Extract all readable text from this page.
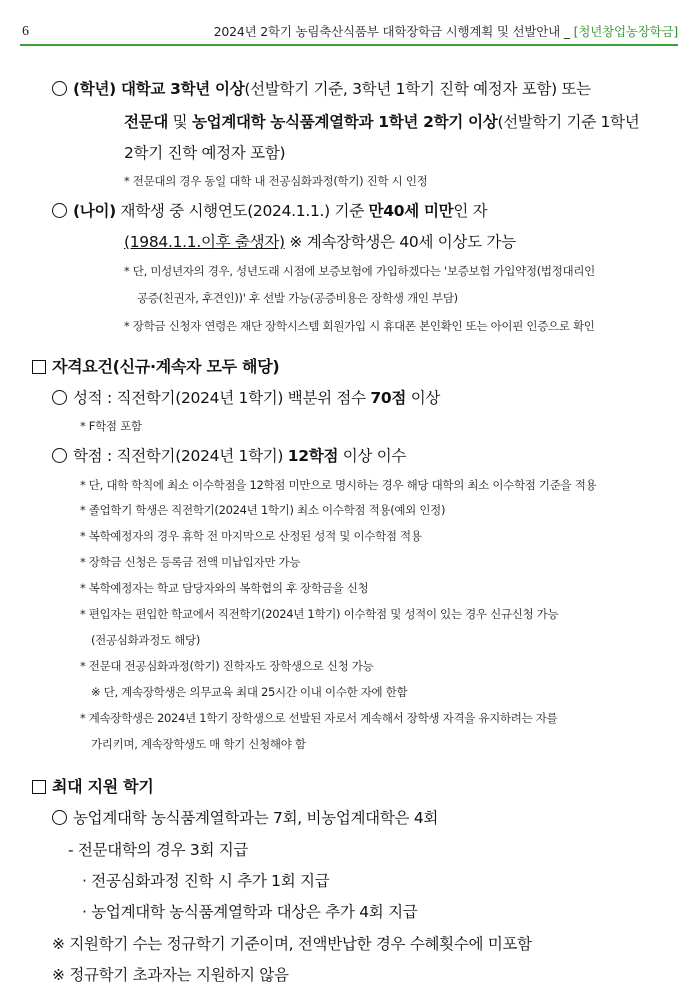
6	2024년 2학기 농림축산식품부 대학장학금 시행계획 및 선발안내 _ [청년창업농장학금]
(학년) 대학교 3학년 이상(선발학기 기준, 3학년 1학기 진학 예정자 포함) 또는
전문대 및 농업계대학 농식품계열학과 1학년 2학기 이상(선발학기 기준 1학년
2학기 진학 예정자 포함)
* 전문대의 경우 동일 대학 내 전공심화과정(학기) 진학 시 인정
(나이) 재학생 중 시행연도(2024.1.1.) 기준 만40세 미만인 자
(1984.1.1.이후 출생자) ※ 계속장학생은 40세 이상도 가능
* 단, 미성년자의 경우, 성년도래 시점에 보증보험에 가입하겠다는 '보증보험 가입약정(법정대리인
공증(친권자, 후견인))' 후 선발 가능(공증비용은 장학생 개인 부담)
* 장학금 신청자 연령은 재단 장학시스템 회원가입 시 휴대폰 본인확인 또는 아이핀 인증으로 확인
자격요건(신규·계속자 모두 해당)
성적 : 직전학기(2024년 1학기) 백분위 점수 70점 이상
* F학점 포함
학점 : 직전학기(2024년 1학기) 12학점 이상 이수
* 단, 대학 학칙에 최소 이수학점을 12학점 미만으로 명시하는 경우 해당 대학의 최소 이수학점 기준을 적용
* 졸업학기 학생은 직전학기(2024년 1학기) 최소 이수학점 적용(예외 인정)
* 복학예정자의 경우 휴학 전 마지막으로 산정된 성적 및 이수학점 적용
* 장학금 신청은 등록금 전액 미납입자만 가능
* 복학예정자는 학교 담당자와의 복학협의 후 장학금을 신청
* 편입자는 편입한 학교에서 직전학기(2024년 1학기) 이수학점 및 성적이 있는 경우 신규신청 가능
(전공심화과정도 해당)
* 전문대 전공심화과정(학기) 진학자도 장학생으로 신청 가능
※ 단, 계속장학생은 의무교육 최대 25시간 이내 이수한 자에 한함
* 계속장학생은 2024년 1학기 장학생으로 선발된 자로서 계속해서 장학생 자격을 유지하려는 자를
가리키며, 계속장학생도 매 학기 신청해야 함
최대 지원 학기
농업계대학 농식품계열학과는 7회, 비농업계대학은 4회
- 전문대학의 경우 3회 지급
· 전공심화과정 진학 시 추가 1회 지급
· 농업계대학 농식품계열학과 대상은 추가 4회 지급
※ 지원학기 수는 정규학기 기준이며, 전액반납한 경우 수혜횟수에 미포함
※ 정규학기 초과자는 지원하지 않음
